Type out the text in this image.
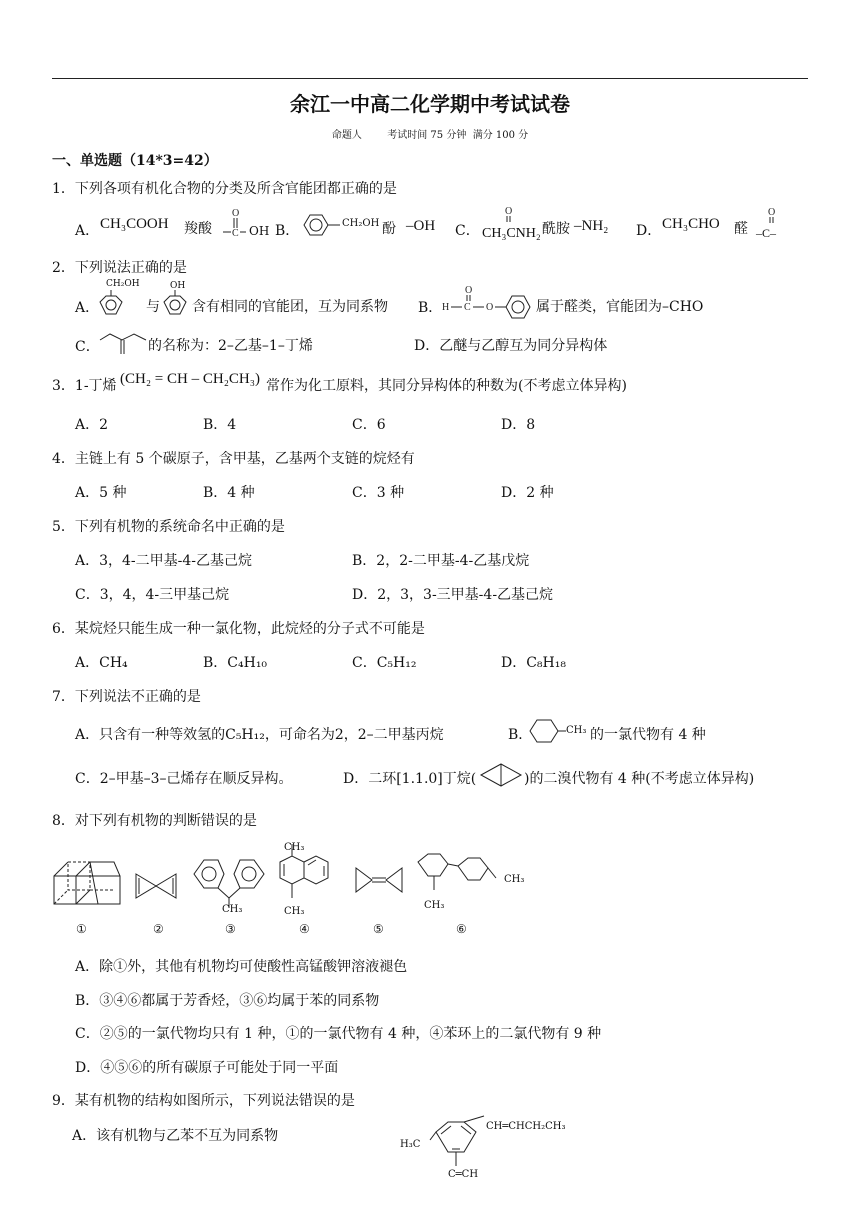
余江一中高二化学期中考试试卷
命题人        考试时间 75 分钟  满分 100 分
一、单选题（14*3=42）
1．下列各项有机化合物的分类及所含官能团都正确的是
A． CH₃COOH 羧酸
O
C OH B．	CH₂OH 酚 –OH C．
O
CH₃CNH₂ 酰胺 –NH₂ D． CH₃CHO 醛
O
–C–
2．下列说法正确的是
A．
CH₂OH
与
OH
含有相同的官能团，互为同系物 B． H C
O
O	属于醛类，官能团为–CHO
C．	的名称为：2–乙基–1–丁烯	D．乙醚与乙醇互为同分异构体
3．1-丁烯 (CH₂ = CH – CH₂CH₃) 常作为化工原料，其同分异构体的种数为(不考虑立体异构)
A．2	B．4	C．6	D．8
4．主链上有 5 个碳原子，含甲基，乙基两个支链的烷烃有
A．5 种	B．4 种	C．3 种	D．2 种
5．下列有机物的系统命名中正确的是
A．3，4-二甲基-4-乙基己烷	B．2，2-二甲基-4-乙基戊烷
C．3，4，4-三甲基己烷	D．2，3，3-三甲基-4-乙基己烷
6．某烷烃只能生成一种一氯化物，此烷烃的分子式不可能是
A．CH₄	B．C₄H₁₀	C．C₅H₁₂	D．C₈H₁₈
7．下列说法不正确的是
A．只含有一种等效氢的C₅H₁₂，可命名为2，2–二甲基丙烷	B．	CH₃ 的一氯代物有 4 种
C．2–甲基–3–己烯存在顺反异构。	D．二环[1.1.0]丁烷(	)的二溴代物有 4 种(不考虑立体异构)
8．对下列有机物的判断错误的是
CH₃
CH₃
CH₃
CH₃
CH₃
①	②	③	④	⑤	⑥
A．除①外，其他有机物均可使酸性高锰酸钾溶液褪色
B．③④⑥都属于芳香烃，③⑥均属于苯的同系物
C．②⑤的一氯代物均只有 1 种，①的一氯代物有 4 种，④苯环上的二氯代物有 9 种
D．④⑤⑥的所有碳原子可能处于同一平面
9．某有机物的结构如图所示，下列说法错误的是
A．该有机物与乙苯不互为同系物
CH═CHCH₂CH₃
H₃C
C═CH
